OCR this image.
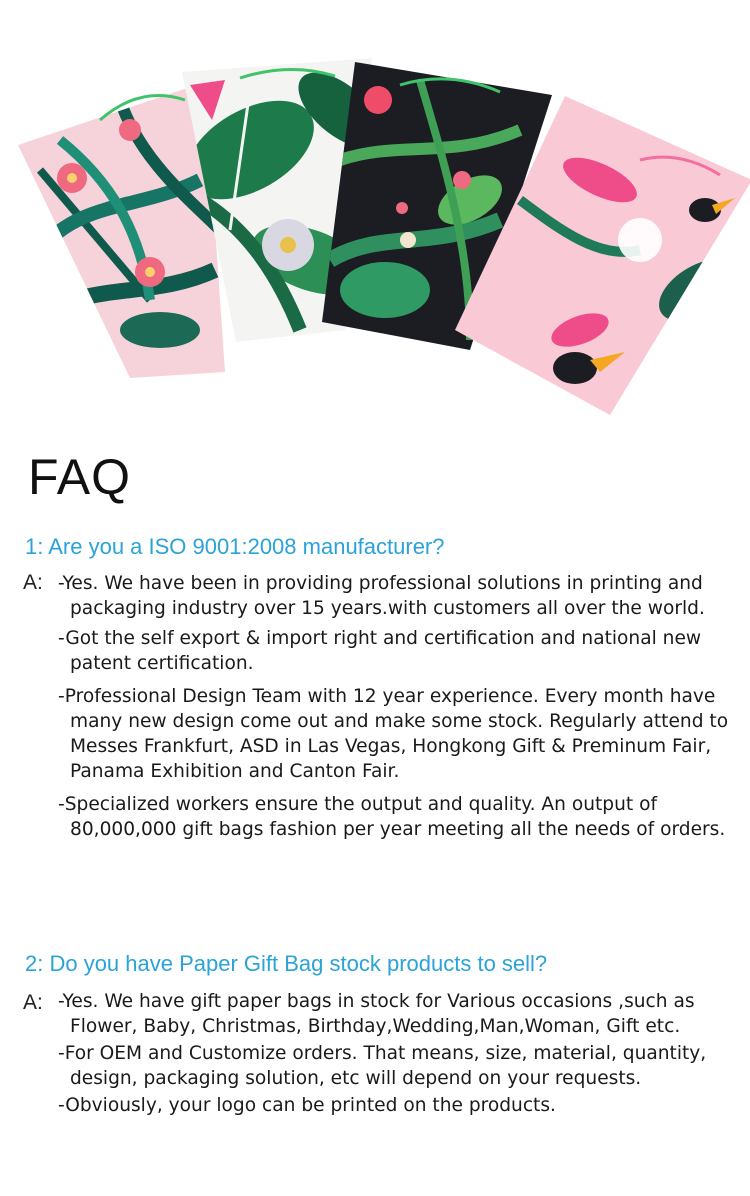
FAQ
1: Are you a ISO 9001:2008 manufacturer?
A: -Yes. We have been in providing professional solutions in printing and packaging industry over 15 years.with customers all over the world.
-Got the self export & import right and certification and national new patent certification.
-Professional Design Team with 12 year experience. Every month have many new design come out and make some stock. Regularly attend to Messes Frankfurt, ASD in Las Vegas, Hongkong Gift & Preminum Fair, Panama Exhibition and Canton Fair.
-Specialized workers ensure the output and quality. An output of 80,000,000 gift bags fashion per year meeting all the needs of orders.
2: Do you have Paper Gift Bag stock products to sell?
A: -Yes. We have gift paper bags in stock for Various occasions ,such as Flower, Baby, Christmas, Birthday,Wedding,Man,Woman, Gift etc.
-For OEM and Customize orders. That means, size, material, quantity, design, packaging solution, etc will depend on your requests.
-Obviously, your logo can be printed on the products.
